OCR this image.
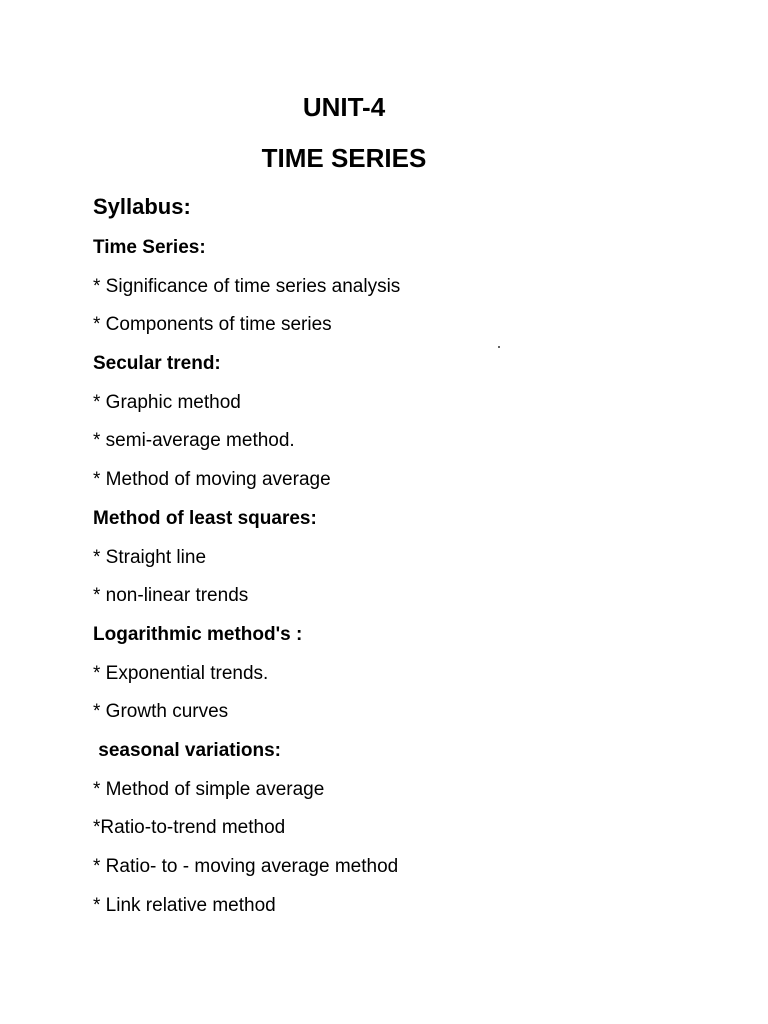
UNIT-4
TIME SERIES
Syllabus:
Time Series:
* Significance of time series analysis
* Components of time series
Secular trend:
* Graphic method
* semi-average method.
* Method of moving average
Method of least squares:
* Straight line
* non-linear trends
Logarithmic method's :
* Exponential trends.
* Growth curves
seasonal variations:
* Method of simple average
*Ratio-to-trend method
* Ratio- to - moving average method
* Link relative method
